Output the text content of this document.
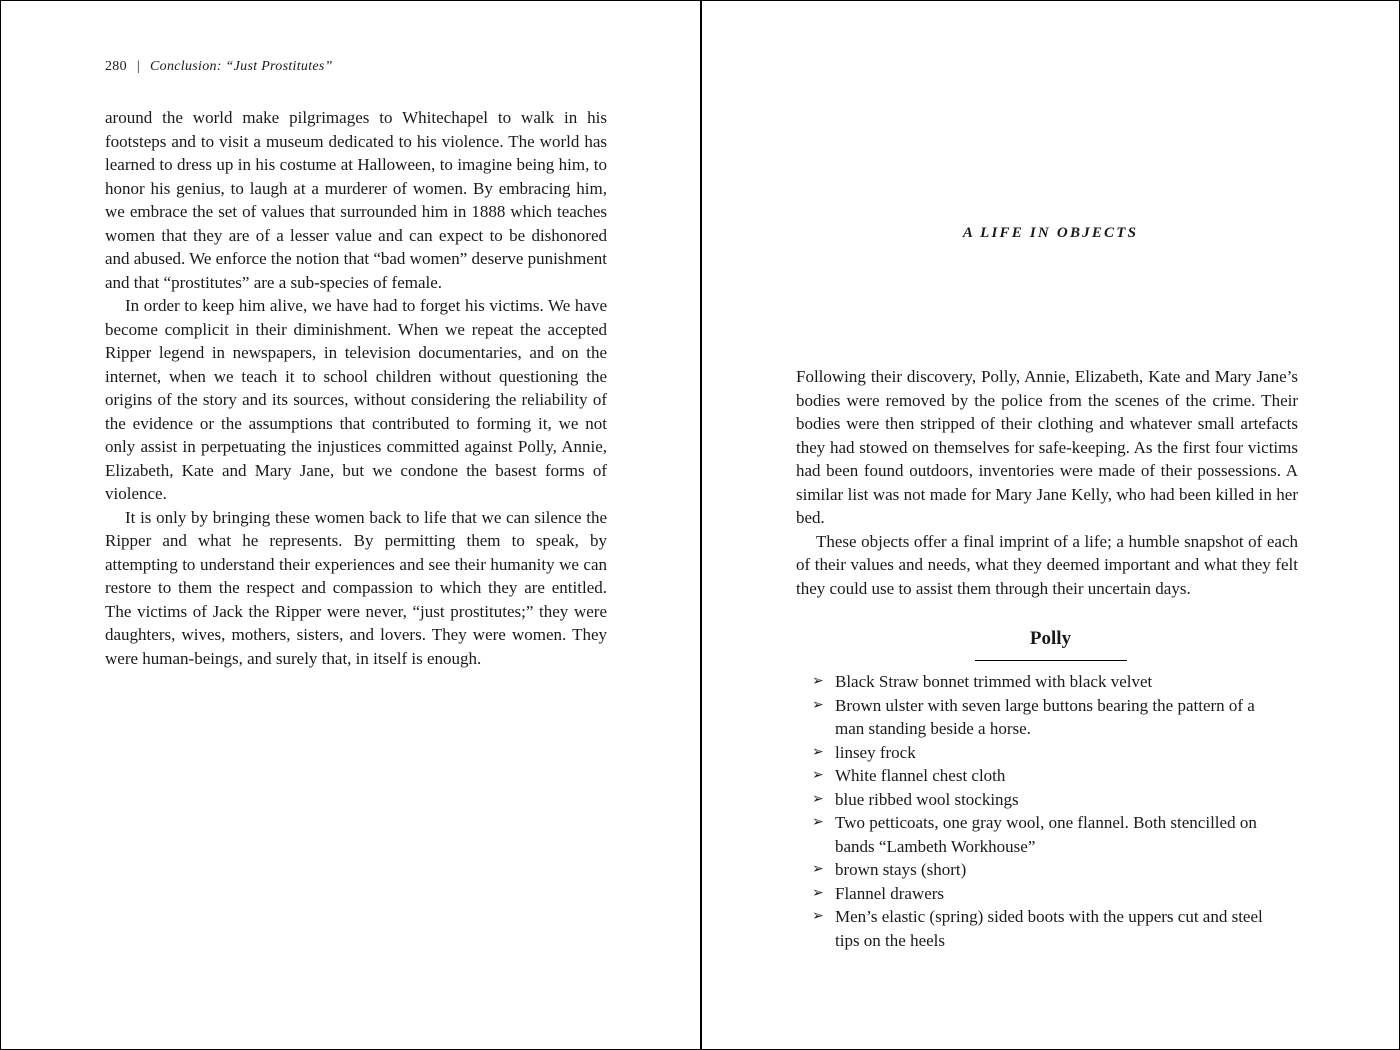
280 | Conclusion: “Just Prostitutes”

around the world make pilgrimages to Whitechapel to walk in his footsteps and to visit a museum dedicated to his violence. The world has learned to dress up in his costume at Halloween, to imagine being him, to honor his genius, to laugh at a murderer of women. By embracing him, we embrace the set of values that surrounded him in 1888 which teaches women that they are of a lesser value and can expect to be dishonored and abused. We enforce the notion that “bad women” deserve punishment and that “prostitutes” are a sub-species of female.

In order to keep him alive, we have had to forget his victims. We have become complicit in their diminishment. When we repeat the accepted Ripper legend in newspapers, in television documentaries, and on the internet, when we teach it to school children without questioning the origins of the story and its sources, without considering the reliability of the evidence or the assumptions that contributed to forming it, we not only assist in perpetuating the injustices committed against Polly, Annie, Elizabeth, Kate and Mary Jane, but we condone the basest forms of violence.

It is only by bringing these women back to life that we can silence the Ripper and what he represents. By permitting them to speak, by attempting to understand their experiences and see their humanity we can restore to them the respect and compassion to which they are entitled. The victims of Jack the Ripper were never, “just prostitutes;” they were daughters, wives, mothers, sisters, and lovers. They were women. They were human-beings, and surely that, in itself is enough.

A LIFE IN OBJECTS

Following their discovery, Polly, Annie, Elizabeth, Kate and Mary Jane’s bodies were removed by the police from the scenes of the crime. Their bodies were then stripped of their clothing and whatever small artefacts they had stowed on themselves for safe-keeping. As the first four victims had been found outdoors, inventories were made of their possessions. A similar list was not made for Mary Jane Kelly, who had been killed in her bed.

These objects offer a final imprint of a life; a humble snapshot of each of their values and needs, what they deemed important and what they felt they could use to assist them through their uncertain days.

Polly
➢ Black Straw bonnet trimmed with black velvet
➢ Brown ulster with seven large buttons bearing the pattern of a man standing beside a horse.
➢ linsey frock
➢ White flannel chest cloth
➢ blue ribbed wool stockings
➢ Two petticoats, one gray wool, one flannel. Both stencilled on bands “Lambeth Workhouse”
➢ brown stays (short)
➢ Flannel drawers
➢ Men’s elastic (spring) sided boots with the uppers cut and steel tips on the heels
